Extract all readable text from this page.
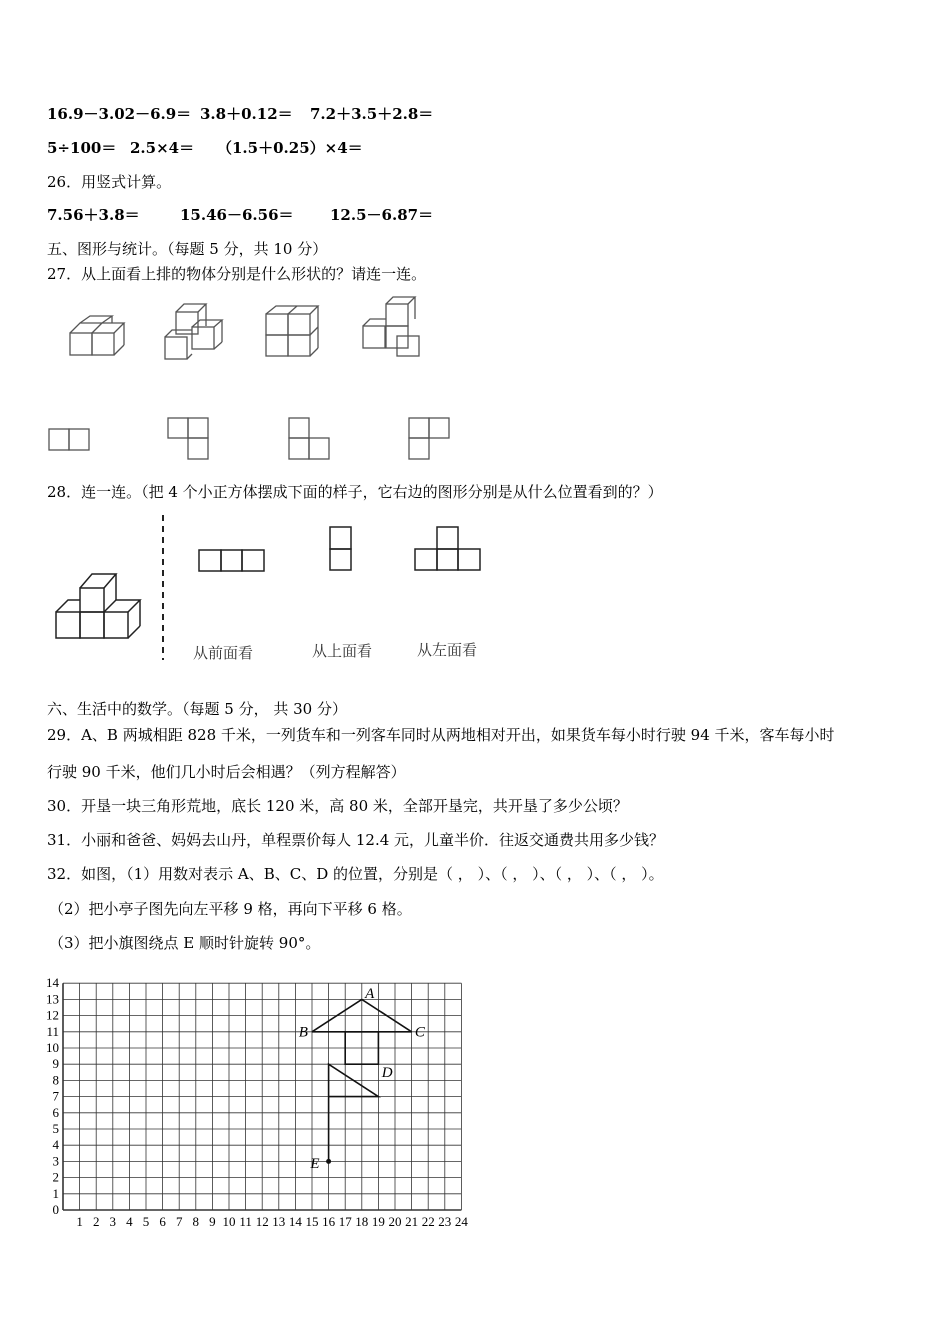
16.9－3.02－6.9＝ 3.8＋0.12＝ 7.2＋3.5＋2.8＝
5÷100＝ 2.5×4＝ （1.5＋0.25）×4＝
26．用竖式计算。
7.56＋3.8＝	15.46－6.56＝ 12.5－6.87＝
五、图形与统计。（每题 5 分，共 10 分）
27．从上面看上排的物体分别是什么形状的？请连一连。
28．连一连。（把 4 个小正方体摆成下面的样子，它右边的图形分别是从什么位置看到的？）
从前面看	从上面看	从左面看
六、生活中的数学。（每题 5 分， 共 30 分）
29．A、B 两城相距 828 千米，一列货车和一列客车同时从两地相对开出，如果货车每小时行驶 94 千米，客车每小时
行驶 90 千米，他们几小时后会相遇？（列方程解答）
30．开垦一块三角形荒地，底长 120 米，高 80 米，全部开垦完，共开垦了多少公顷？
31．小丽和爸爸、妈妈去山丹，单程票价每人 12.4 元，儿童半价．往返交通费共用多少钱？
32．如图，（1）用数对表示 A、B、C、D 的位置，分别是（ ， ）、（ ， ）、（ ， ）、（ ， ）。
（2）把小亭子图先向左平移 9 格，再向下平移 6 格。
（3）把小旗图绕点 E 顺时针旋转 90°。
1 2 3 4 5 6 7 8 9 10 11 12 13 14 15 16 17 18 19 20 21 22 23 24
0
1
2
3
4
5
6
7
8
9
10
11
12
13
14
A
B	C
D
E
